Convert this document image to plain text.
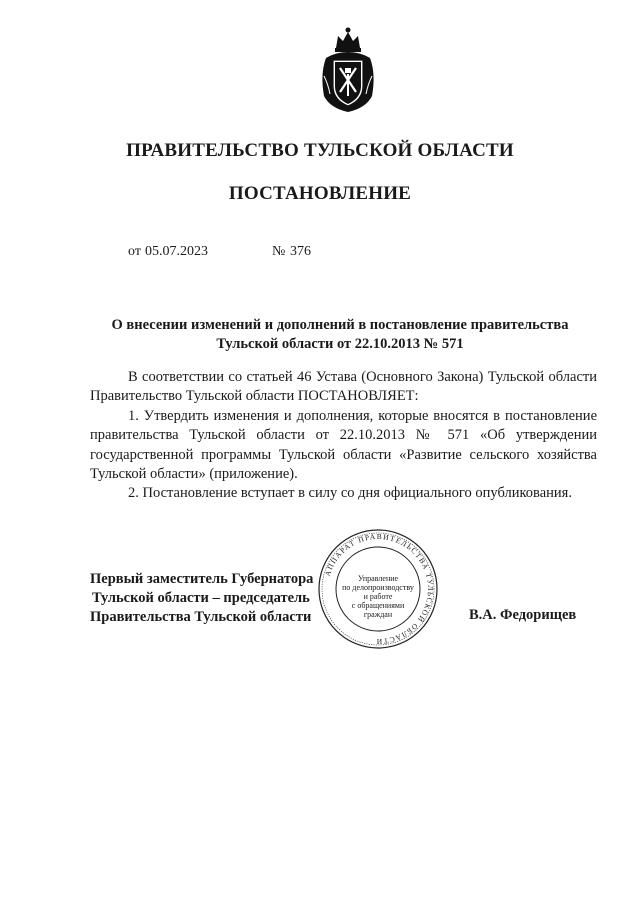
ПРАВИТЕЛЬСТВО ТУЛЬСКОЙ ОБЛАСТИ
ПОСТАНОВЛЕНИЕ
от 05.07.2023	№ 376
О внесении изменений и дополнений в постановление правительства
Тульской области от 22.10.2013 № 571

В соответствии со статьей 46 Устава (Основного Закона) Тульской области Правительство Тульской области ПОСТАНОВЛЯЕТ:

1. Утвердить изменения и дополнения, которые вносятся в постановление правительства Тульской области от 22.10.2013 № 571 «Об утверждении государственной программы Тульской области «Развитие сельского хозяйства Тульской области» (приложение).

2. Постановление вступает в силу со дня официального опубликования.

Первый заместитель Губернатора
Тульской области – председатель
Правительства Тульской области
АППАРАТ ПРАВИТЕЛЬСТВА ТУЛЬСКОЙ ОБЛАСТИ
Управление
по делопроизводству
и работе
с обращениями
граждан	В.А. Федорищев
